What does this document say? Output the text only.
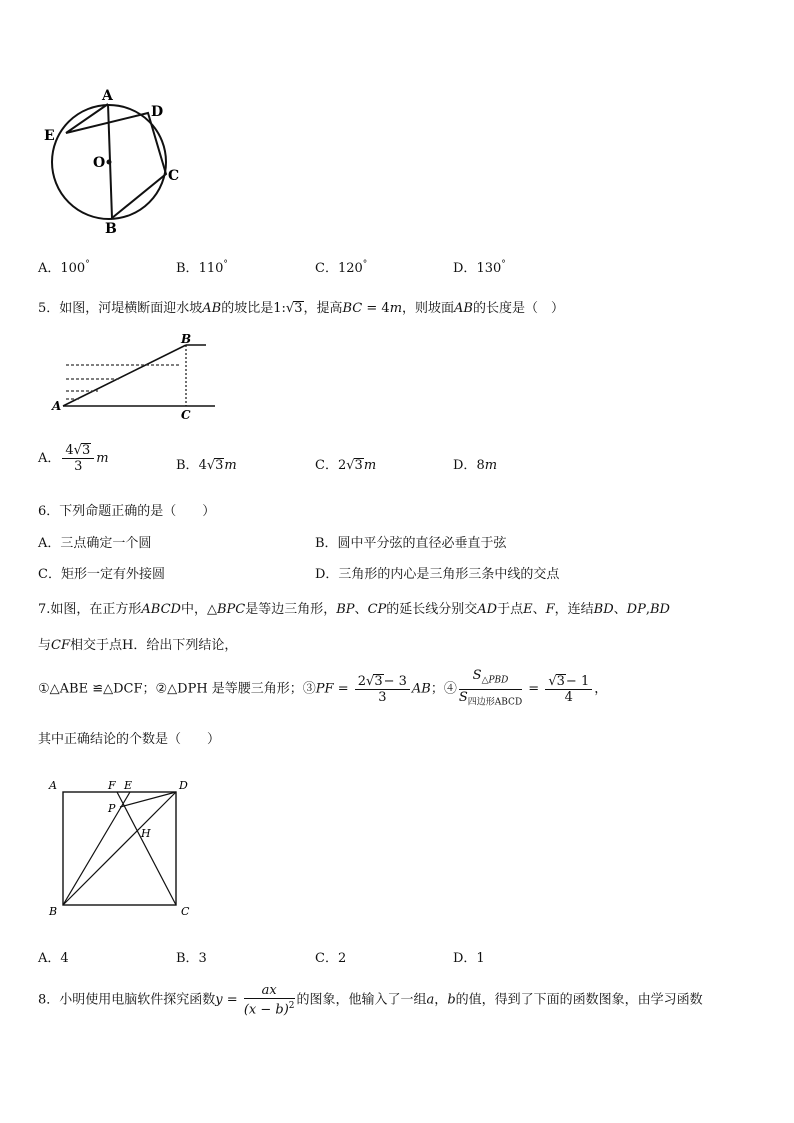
A
D
E
O
C
B
A．100°	B．110°	C．120°	D．130°
5．如图，河堤横断面迎水坡AB的坡比是1:√3，提高BC = 4m，则坡面AB的长度是（　）
A
B
C
A． $\frac{4√3}{3}$ m	B．4√3m	C．2√3m	D．8m
6．下列命题正确的是（　　）
A．三点确定一个圆	B．圆中平分弦的直径必垂直于弦
C．矩形一定有外接圆	D．三角形的内心是三角形三条中线的交点
7.如图，在正方形ABCD中，△BPC是等边三角形，BP、CP的延长线分别交AD于点E、F，连结BD、DP,BD
与CF相交于点H．给出下列结论，
①△ABE ≌△DCF；②△DPH 是等腰三角形；③PF = $\frac{2√3- 3}{3}$ AB；④ $\frac{S_{\triangle PBD}}{S_{四边形ABCD}} = \frac{√3- 1}{4}$ ，
其中正确结论的个数是（　　）
A	F E	D
P
H
B	C
A．4	B．3	C．2	D．1
8．小明使用电脑软件探究函数$y = \frac{ax}{(x - b)^2}$ 的图象，他输入了一组a，b的值，得到了下面的函数图象，由学习函数
